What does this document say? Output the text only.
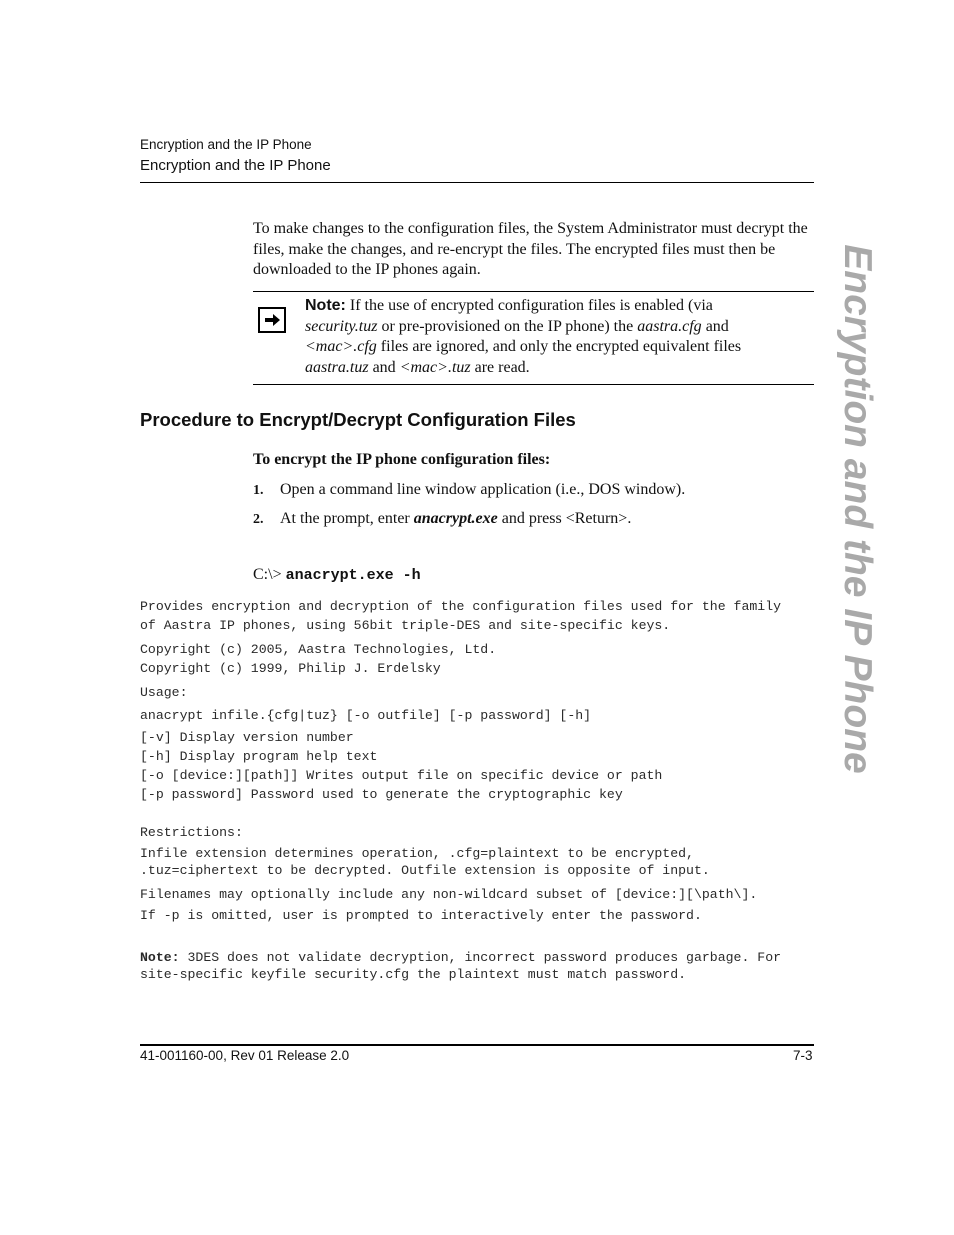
Encryption and the IP Phone
Encryption and the IP Phone
Encryption and the IP Phone

To make changes to the configuration files, the System Administrator must decrypt the files, make the changes, and re-encrypt the files. The encrypted files must then be downloaded to the IP phones again.

Note: If the use of encrypted configuration files is enabled (via
security.tuz or pre-provisioned on the IP phone) the aastra.cfg and
<mac>.cfg files are ignored, and only the encrypted equivalent files
aastra.tuz and <mac>.tuz are read.
Procedure to Encrypt/Decrypt Configuration Files
To encrypt the IP phone configuration files:
1. Open a command line window application (i.e., DOS window).
2. At the prompt, enter anacrypt.exe and press <Return>.
C:\> anacrypt.exe -h
Provides encryption and decryption of the configuration files used for the family
of Aastra IP phones, using 56bit triple-DES and site-specific keys.
Copyright (c) 2005, Aastra Technologies, Ltd.
Copyright (c) 1999, Philip J. Erdelsky
Usage:
anacrypt infile.{cfg|tuz} [-o outfile] [-p password] [-h]
[-v] Display version number
[-h] Display program help text
[-o [device:][path]] Writes output file on specific device or path
[-p password] Password used to generate the cryptographic key
Restrictions:
Infile extension determines operation, .cfg=plaintext to be encrypted,
.tuz=ciphertext to be decrypted. Outfile extension is opposite of input.
Filenames may optionally include any non-wildcard subset of [device:][\path\].
If -p is omitted, user is prompted to interactively enter the password.
Note: 3DES does not validate decryption, incorrect password produces garbage. For
site-specific keyfile security.cfg the plaintext must match password.
41-001160-00, Rev 01 Release 2.0	7-3
